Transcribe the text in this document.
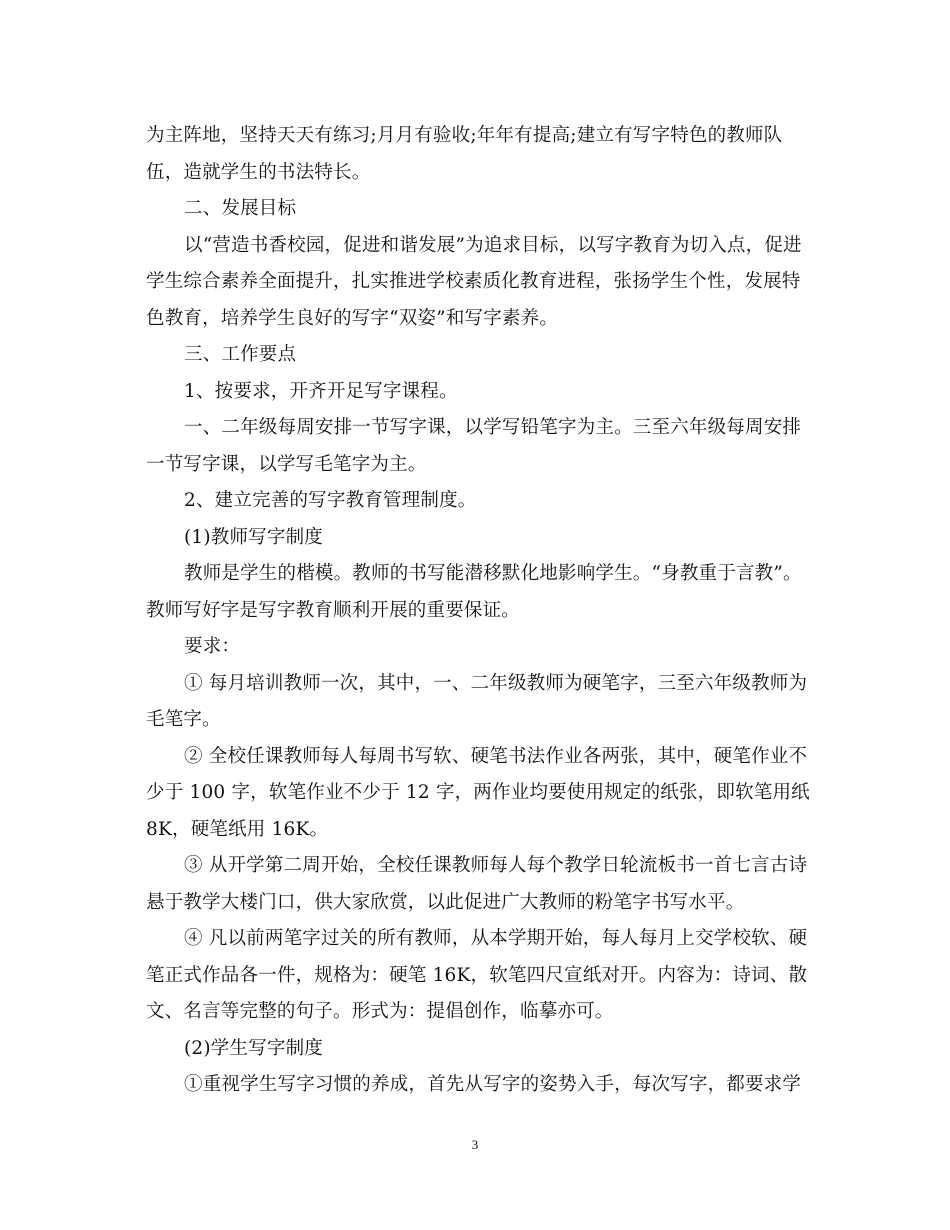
为主阵地，坚持天天有练习;月月有验收;年年有提高;建立有写字特色的教师队
伍，造就学生的书法特长。
二、发展目标
以“营造书香校园，促进和谐发展”为追求目标，以写字教育为切入点，促进
学生综合素养全面提升，扎实推进学校素质化教育进程，张扬学生个性，发展特
色教育，培养学生良好的写字“双姿”和写字素养。
三、工作要点
1、按要求，开齐开足写字课程。
一、二年级每周安排一节写字课，以学写铅笔字为主。三至六年级每周安排
一节写字课，以学写毛笔字为主。
2、建立完善的写字教育管理制度。
(1)教师写字制度
教师是学生的楷模。教师的书写能潜移默化地影响学生。“身教重于言教”。
教师写好字是写字教育顺利开展的重要保证。
要求：
① 每月培训教师一次，其中，一、二年级教师为硬笔字，三至六年级教师为
毛笔字。
② 全校任课教师每人每周书写软、硬笔书法作业各两张，其中，硬笔作业不
少于 100 字，软笔作业不少于 12 字，两作业均要使用规定的纸张，即软笔用纸
8K，硬笔纸用 16K。
③ 从开学第二周开始，全校任课教师每人每个教学日轮流板书一首七言古诗
悬于教学大楼门口，供大家欣赏，以此促进广大教师的粉笔字书写水平。
④ 凡以前两笔字过关的所有教师，从本学期开始，每人每月上交学校软、硬
笔正式作品各一件，规格为：硬笔 16K，软笔四尺宣纸对开。内容为：诗词、散
文、名言等完整的句子。形式为：提倡创作，临摹亦可。
(2)学生写字制度
①重视学生写字习惯的养成，首先从写字的姿势入手，每次写字，都要求学
3
